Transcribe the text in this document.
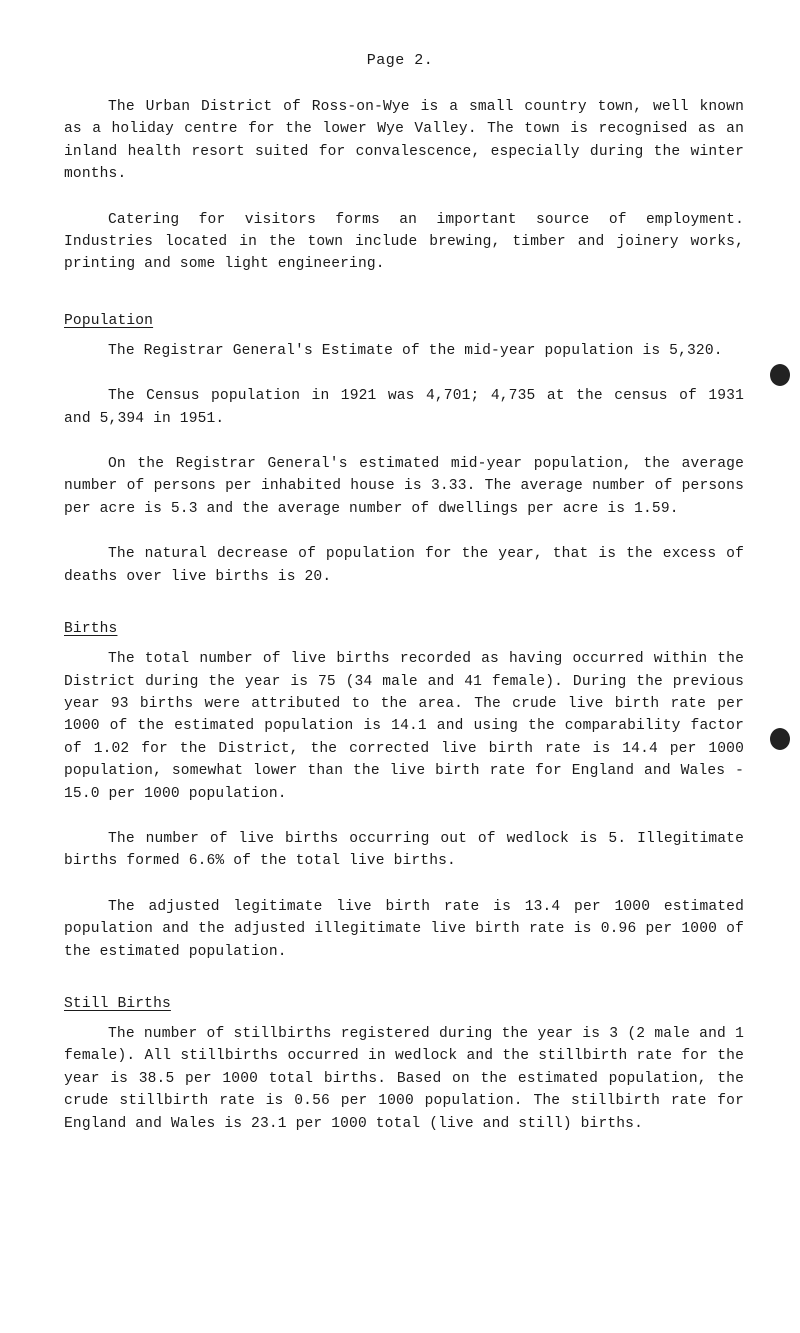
Page 2.

The Urban District of Ross-on-Wye is a small country town, well known as a holiday centre for the lower Wye Valley. The town is recognised as an inland health resort suited for convalescence, especially during the winter months.

Catering for visitors forms an important source of employment. Industries located in the town include brewing, timber and joinery works, printing and some light engineering.

Population

The Registrar General's Estimate of the mid-year population is 5,320.

The Census population in 1921 was 4,701; 4,735 at the census of 1931 and 5,394 in 1951.

On the Registrar General's estimated mid-year population, the average number of persons per inhabited house is 3.33. The average number of persons per acre is 5.3 and the average number of dwellings per acre is 1.59.

The natural decrease of population for the year, that is the excess of deaths over live births is 20.

Births

The total number of live births recorded as having occurred within the District during the year is 75 (34 male and 41 female). During the previous year 93 births were attributed to the area. The crude live birth rate per 1000 of the estimated population is 14.1 and using the comparability factor of 1.02 for the District, the corrected live birth rate is 14.4 per 1000 population, somewhat lower than the live birth rate for England and Wales - 15.0 per 1000 population.

The number of live births occurring out of wedlock is 5. Illegitimate births formed 6.6% of the total live births.

The adjusted legitimate live birth rate is 13.4 per 1000 estimated population and the adjusted illegitimate live birth rate is 0.96 per 1000 of the estimated population.

Still Births

The number of stillbirths registered during the year is 3 (2 male and 1 female). All stillbirths occurred in wedlock and the stillbirth rate for the year is 38.5 per 1000 total births. Based on the estimated population, the crude stillbirth rate is 0.56 per 1000 population. The stillbirth rate for England and Wales is 23.1 per 1000 total (live and still) births.
